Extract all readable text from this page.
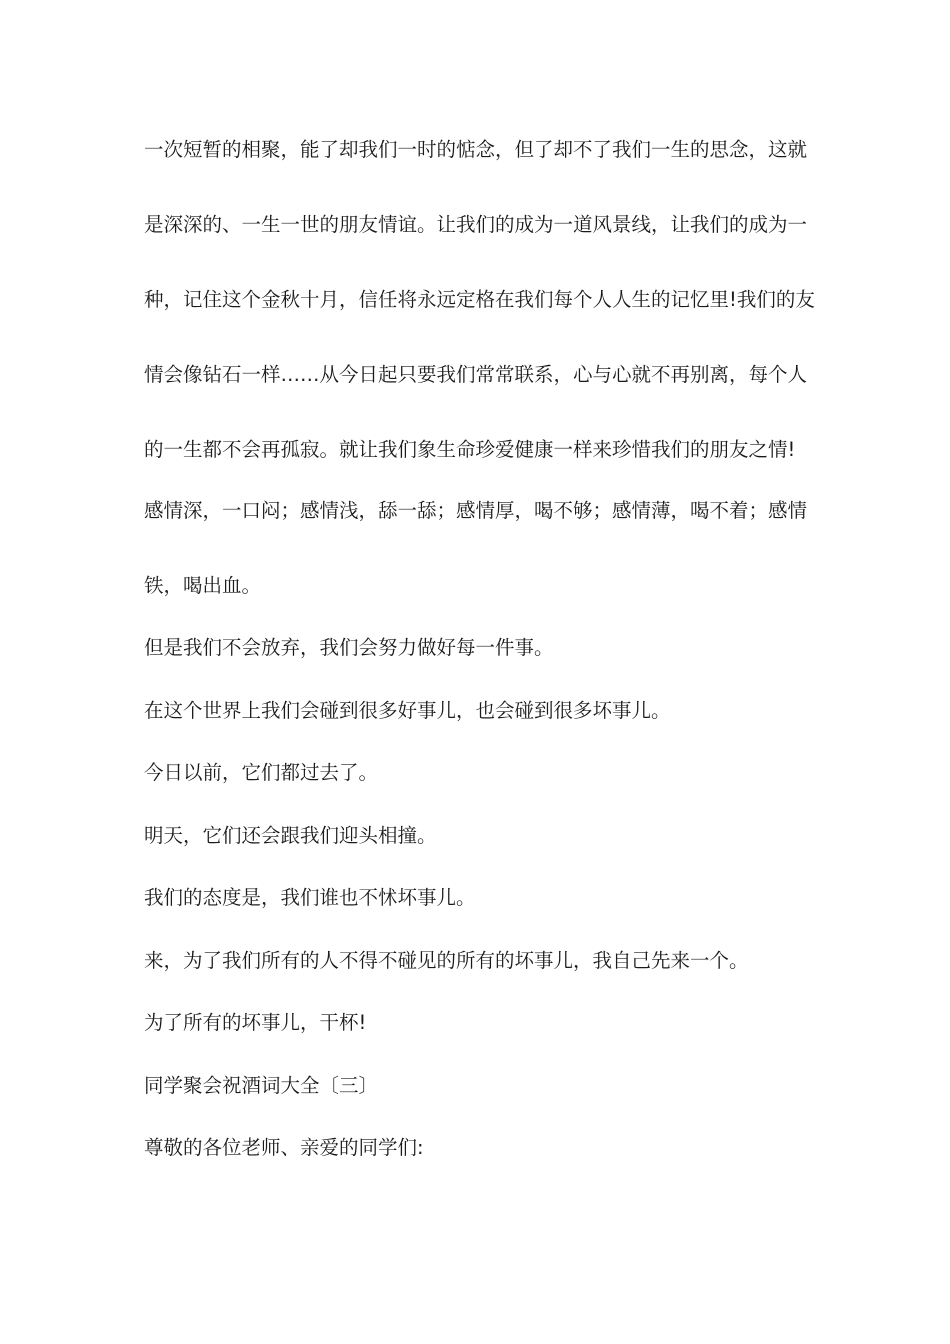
一次短暂的相聚，能了却我们一时的惦念，但了却不了我们一生的思念，这就
是深深的、一生一世的朋友情谊。让我们的成为一道风景线，让我们的成为一
种，记住这个金秋十月，信任将永远定格在我们每个人人生的记忆里!我们的友
情会像钻石一样……从今日起只要我们常常联系，心与心就不再别离，每个人
的一生都不会再孤寂。就让我们象生命珍爱健康一样来珍惜我们的朋友之情!
感情深，一口闷；感情浅，舔一舔；感情厚，喝不够；感情薄，喝不着；感情
铁，喝出血。
但是我们不会放弃，我们会努力做好每一件事。
在这个世界上我们会碰到很多好事儿，也会碰到很多坏事儿。
今日以前，它们都过去了。
明天，它们还会跟我们迎头相撞。
我们的态度是，我们谁也不怵坏事儿。
来，为了我们所有的人不得不碰见的所有的坏事儿，我自己先来一个。
为了所有的坏事儿，干杯!
同学聚会祝酒词大全〔三〕
尊敬的各位老师、亲爱的同学们:
